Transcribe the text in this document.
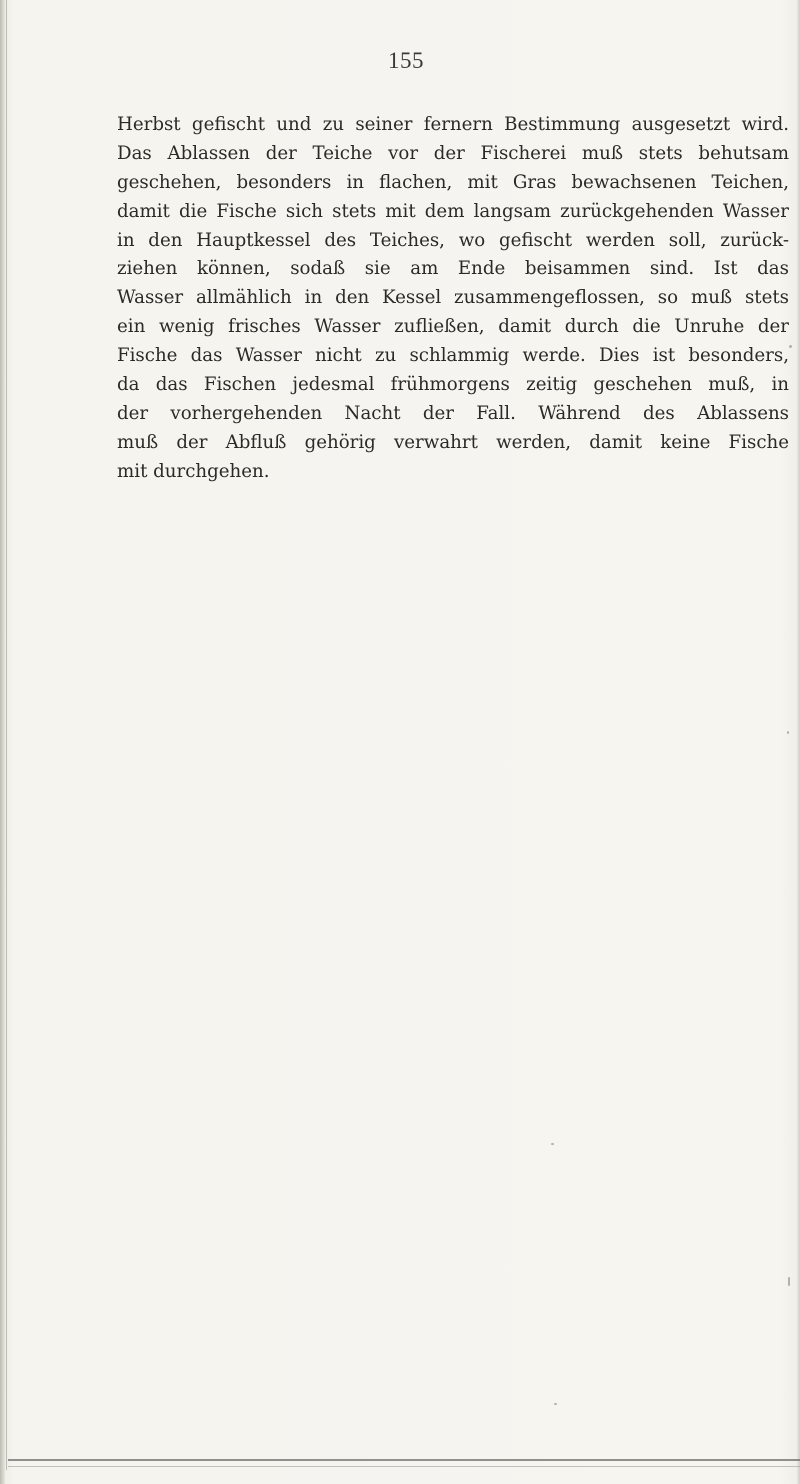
155
Herbst gefischt und zu seiner fernern Bestimmung ausgesetzt wird.
Das Ablassen der Teiche vor der Fischerei muß stets behutsam
geschehen, besonders in flachen, mit Gras bewachsenen Teichen,
damit die Fische sich stets mit dem langsam zurückgehenden Wasser
in den Hauptkessel des Teiches, wo gefischt werden soll, zurück-
ziehen können, sodaß sie am Ende beisammen sind. Ist das
Wasser allmählich in den Kessel zusammengeflossen, so muß stets
ein wenig frisches Wasser zufließen, damit durch die Unruhe der
Fische das Wasser nicht zu schlammig werde. Dies ist besonders,
da das Fischen jedesmal frühmorgens zeitig geschehen muß, in
der vorhergehenden Nacht der Fall. Während des Ablassens
muß der Abfluß gehörig verwahrt werden, damit keine Fische
mit durchgehen.
